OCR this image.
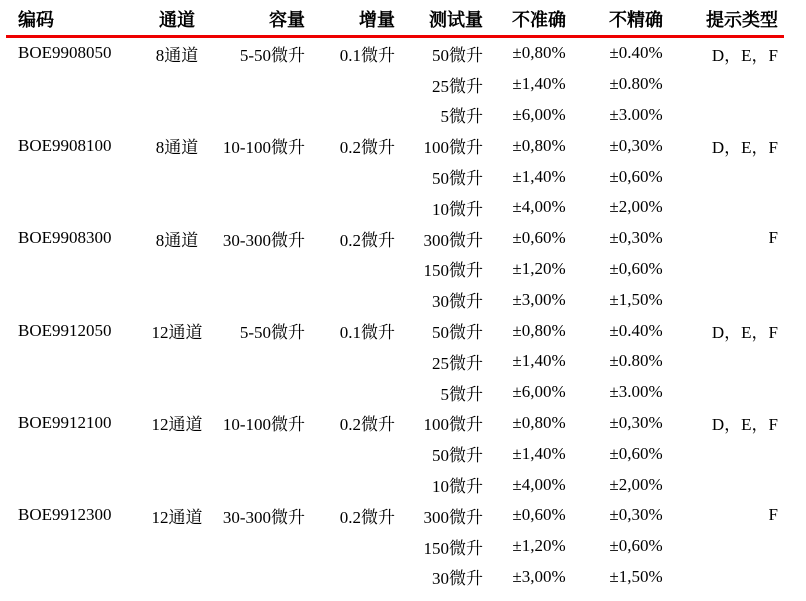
编码	通道	容量	增量	测试量	不准确	不精确	提示类型
BOE9908050	8通道	5-50微升	0.1微升	50微升	±0,80%	±0.40%	D，E，F
				25微升	±1,40%	±0.80%	
				5微升	±6,00%	±3.00%	
BOE9908100	8通道	10-100微升	0.2微升	100微升	±0,80%	±0,30%	D，E，F
				50微升	±1,40%	±0,60%	
				10微升	±4,00%	±2,00%	
BOE9908300	8通道	30-300微升	0.2微升	300微升	±0,60%	±0,30%	F
				150微升	±1,20%	±0,60%	
				30微升	±3,00%	±1,50%	
BOE9912050	12通道	5-50微升	0.1微升	50微升	±0,80%	±0.40%	D，E，F
				25微升	±1,40%	±0.80%	
				5微升	±6,00%	±3.00%	
BOE9912100	12通道	10-100微升	0.2微升	100微升	±0,80%	±0,30%	D，E，F
				50微升	±1,40%	±0,60%	
				10微升	±4,00%	±2,00%	
BOE9912300	12通道	30-300微升	0.2微升	300微升	±0,60%	±0,30%	F
				150微升	±1,20%	±0,60%	
				30微升	±3,00%	±1,50%	
